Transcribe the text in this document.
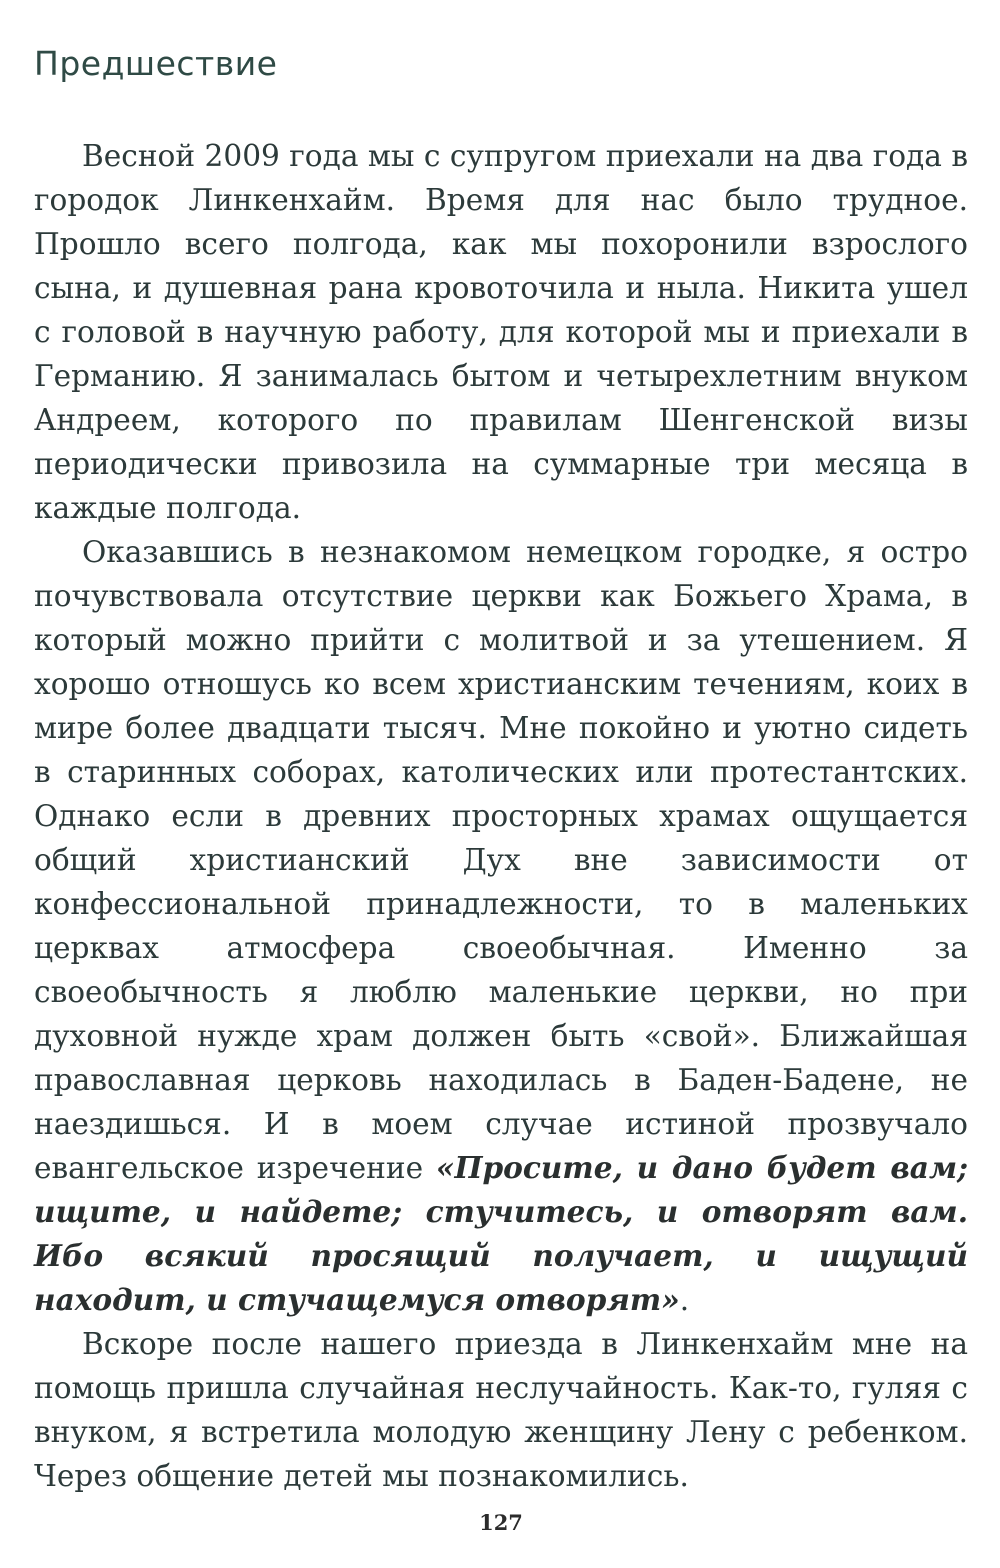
Предшествие

Весной 2009 года мы с супругом приехали на два года в городок Линкенхайм. Время для нас было трудное. Прошло всего полгода, как мы похоронили взрослого сына, и душевная рана кровоточила и ныла. Никита ушел с головой в научную работу, для которой мы и приехали в Германию. Я занималась бытом и четырехлетним внуком Андреем, которого по правилам Шенгенской визы периодически привозила на суммарные три месяца в каждые полгода.

Оказавшись в незнакомом немецком городке, я остро почувствовала отсутствие церкви как Божьего Храма, в который можно прийти с молитвой и за утешением. Я хорошо отношусь ко всем христианским течениям, коих в мире более двадцати тысяч. Мне покойно и уютно сидеть в старинных соборах, католических или протестантских. Однако если в древних просторных храмах ощущается общий христианский Дух вне зависимости от конфессиональной принадлежности, то в маленьких церквах атмосфера своеобычная. Именно за своеобычность я люблю маленькие церкви, но при духовной нужде храм должен быть «свой». Ближайшая православная церковь находилась в Баден-Бадене, не наездишься. И в моем случае истиной прозвучало евангельское изречение «Просите, и дано будет вам; ищите, и найдете; стучитесь, и отворят вам. Ибо всякий просящий получает, и ищущий находит, и стучащемуся отворят».

Вскоре после нашего приезда в Линкенхайм мне на помощь пришла случайная неслучайность. Как-то, гуляя с внуком, я встретила молодую женщину Лену с ребенком. Через общение детей мы познакомились.

127
